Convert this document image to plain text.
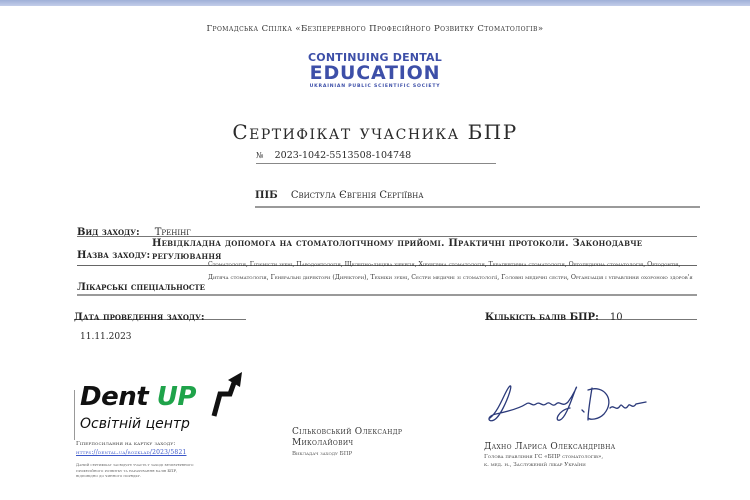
Громадська Спілка «Безперервного Професійного Розвитку Стоматологів»
CONTINUING DENTAL
EDUCATION
UKRAINIAN PUBLIC SCIENTIFIC SOCIETY
Сертифікат учасника БПР
№ 2023-1042-5513508-104748
ПІБ Свистула Євгенія Сергіївна
Вид заходу: Тренінг
Назва заходу:
Невідкладна допомога на стоматологічному прийомі. Практичні протоколи. Законодавче регулювання
Лікарські спеціальносте
Стоматологія, Гігієністи зубні, Пародонтологія, Щелепно-лицева хірургія, Хірургічна стоматологія, Терапевтична стоматологія, Ортопедична стоматологія, Ортодонтія, Дитяча стоматологія, Генеральні директори (Директори), Техніки зубні, Сестри медичні зі стоматології, Головні медичні сестри, Організація і управління охороною здоров'я
Дата проведення заходу: 11.11.2023
Кількість балів БПР: 10
Dent UP
Освітній центр
Гіперпосилання на картку заходу:
https://dental.ua/rozklad/2023/5821
Даний сертифікат засвідчує участь у заході безперервного професійного розвитку та нарахування балів БПР, відповідно до чинного порядку.
Сільковський Олександр Миколайович
Викладач заходу БПР
Дахно Лариса Олександрівна
Голова правління ГС «БПР стоматологів»,
к. мед. н., Заслужений лікар України
